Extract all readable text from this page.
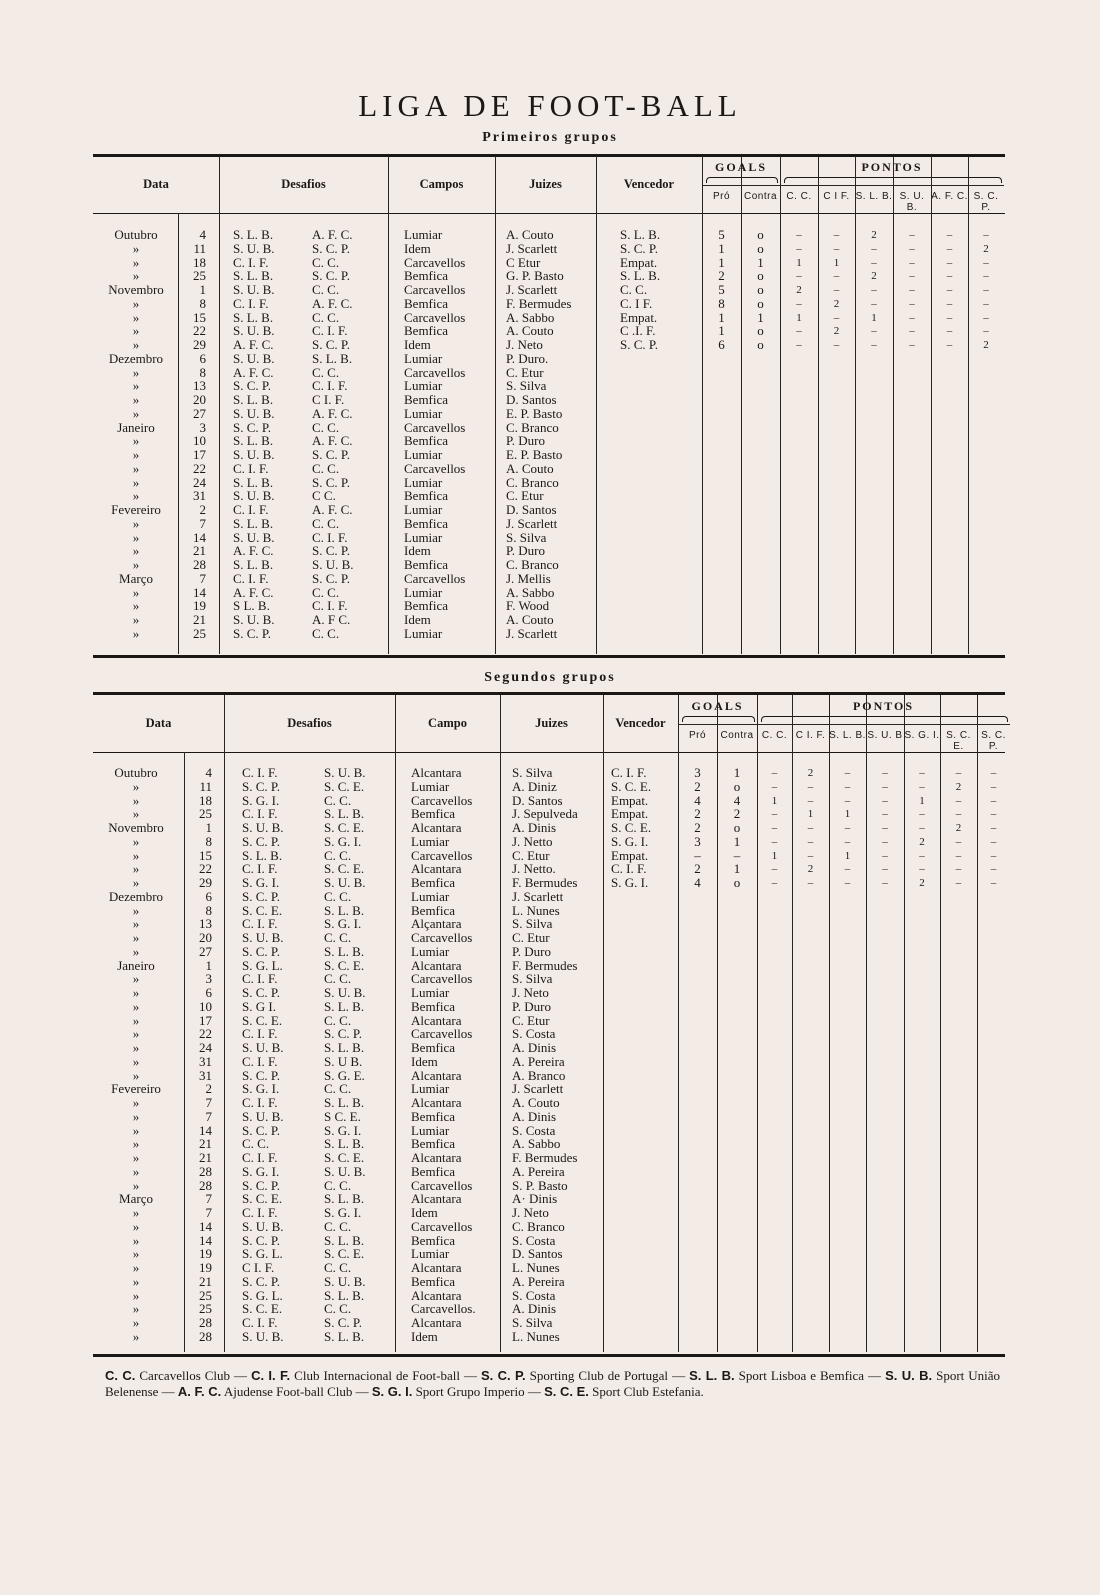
LIGA DE FOOT-BALL
Primeiros grupos
Data	Desafios	Campos	Juizes	Vencedor
GOALS
Pró	Contra
PONTOS
C. C.	C I F. S. L. B. S. U. B.
A. F. C. S. C. P.
Outubro	4 S. L. B.	A. F. C.	Lumiar	A. Couto	S. L. B.	5	o	–	–	2	–	–	–
»	11 S. U. B.	S. C. P.	Idem	J. Scarlett	S. C. P.	1	o	–	–	–	–	–	2
»	18 C. I. F.	C. C.	Carcavellos	C Etur	Empat.	1	1	1	1	–	–	–	–
»	25 S. L. B.	S. C. P.	Bemfica	G. P. Basto	S. L. B.	2	o	–	–	2	–	–	–
Novembro	1 S. U. B.	C. C.	Carcavellos	J. Scarlett	C. C.	5	o	2	–	–	–	–	–
»	8 C. I. F.	A. F. C.	Bemfica	F. Bermudes	C. I F.	8	o	–	2	–	–	–	–
»	15 S. L. B.	C. C.	Carcavellos	A. Sabbo	Empat.	1	1	1	–	1	–	–	–
»	22 S. U. B.	C. I. F.	Bemfica	A. Couto	C .I. F.	1	o	–	2	–	–	–	–
»	29 A. F. C.	S. C. P.	Idem	J. Neto	S. C. P.	6	o	–	–	–	–	–	2
Dezembro	6 S. U. B.	S. L. B.	Lumiar	P. Duro.
»	8 A. F. C.	C. C.	Carcavellos	C. Etur
»	13 S. C. P.	C. I. F.	Lumiar	S. Silva
»	20 S. L. B.	C I. F.	Bemfica	D. Santos
»	27 S. U. B.	A. F. C.	Lumiar	E. P. Basto
Janeiro	3 S. C. P.	C. C.	Carcavellos	C. Branco
»	10 S. L. B.	A. F. C.	Bemfica	P. Duro
»	17 S. U. B.	S. C. P.	Lumiar	E. P. Basto
»	22 C. I. F.	C. C.	Carcavellos	A. Couto
»	24 S. L. B.	S. C. P.	Lumiar	C. Branco
»	31 S. U. B.	C C.	Bemfica	C. Etur
Fevereiro	2 C. I. F.	A. F. C.	Lumiar	D. Santos
»	7 S. L. B.	C. C.	Bemfica	J. Scarlett
»	14 S. U. B.	C. I. F.	Lumiar	S. Silva
»	21 A. F. C.	S. C. P.	Idem	P. Duro
»	28 S. L. B.	S. U. B.	Bemfica	C. Branco
Março	7 C. I. F.	S. C. P.	Carcavellos	J. Mellis
»	14 A. F. C.	C. C.	Lumiar	A. Sabbo
»	19 S L. B.	C. I. F.	Bemfica	F. Wood
»	21 S. U. B.	A. F C.	Idem	A. Couto
»	25 S. C. P.	C. C.	Lumiar	J. Scarlett
Segundos grupos
Data	Desafios	Campo	Juizes	Vencedor
GOALS
Pró	Contra
PONTOS
C. C. C I. F. S. L. B. S. U. B S. G. I. S. C. E.
S. C. P.
Outubro	4 C. I. F.	S. U. B.	Alcantara	S. Silva	C. I. F.	3	1	–	2	–	–	–	–	–
»	11 S. C. P.	S. C. E.	Lumiar	A. Diniz	S. C. E.	2	o	–	–	–	–	–	2	–
»	18 S. G. I.	C. C.	Carcavellos	D. Santos	Empat.	4	4	1	–	–	–	1	–	–
»	25 C. I. F.	S. L. B.	Bemfica	J. Sepulveda	Empat.	2	2	–	1	1	–	–	–	–
Novembro	1 S. U. B.	S. C. E.	Alcantara	A. Dinis	S. C. E.	2	o	–	–	–	–	–	2	–
»	8 S. C. P.	S. G. I.	Lumiar	J. Netto	S. G. I.	3	1	–	–	–	–	2	–	–
»	15 S. L. B.	C. C.	Carcavellos	C. Etur	Empat.	–	–	1	–	1	–	–	–	–
»	22 C. I. F.	S. C. E.	Alcantara	J. Netto.	C. I. F.	2	1	–	2	–	–	–	–	–
»	29 S. G. I.	S. U. B.	Bemfica	F. Bermudes	S. G. I.	4	o	–	–	–	–	2	–	–
Dezembro	6 S. C. P.	C. C.	Lumiar	J. Scarlett
»	8 S. C. E.	S. L. B.	Bemfica	L. Nunes
»	13 C. I. F.	S. G. I.	Alçantara	S. Silva
»	20 S. U. B.	C. C.	Carcavellos	C. Etur
»	27 S. C. P.	S. L. B.	Lumiar	P. Duro
Janeiro	1 S. G. L.	S. C. E.	Alcantara	F. Bermudes
»	3 C. I. F.	C. C.	Carcavellos	S. Silva
»	6 S. C. P.	S. U. B.	Lumiar	J. Neto
»	10 S. G I.	S. L. B.	Bemfica	P. Duro
»	17 S. C. E.	C. C.	Alcantara	C. Etur
»	22 C. I. F.	S. C. P.	Carcavellos	S. Costa
»	24 S. U. B.	S. L. B.	Bemfica	A. Dinis
»	31 C. I. F.	S. U B.	Idem	A. Pereira
»	31 S. C. P.	S. G. E.	Alcantara	A. Branco
Fevereiro	2 S. G. I.	C. C.	Lumiar	J. Scarlett
»	7 C. I. F.	S. L. B.	Alcantara	A. Couto
»	7 S. U. B.	S C. E.	Bemfica	A. Dinis
»	14 S. C. P.	S. G. I.	Lumiar	S. Costa
»	21 C. C.	S. L. B.	Bemfica	A. Sabbo
»	21 C. I. F.	S. C. E.	Alcantara	F. Bermudes
»	28 S. G. I.	S. U. B.	Bemfica	A. Pereira
»	28 S. C. P.	C. C.	Carcavellos	S. P. Basto
Março	7 S. C. E.	S. L. B.	Alcantara	A· Dinis
»	7 C. I. F.	S. G. I.	Idem	J. Neto
»	14 S. U. B.	C. C.	Carcavellos	C. Branco
»	14 S. C. P.	S. L. B.	Bemfica	S. Costa
»	19 S. G. L.	S. C. E.	Lumiar	D. Santos
»	19 C I. F.	C. C.	Alcantara	L. Nunes
»	21 S. C. P.	S. U. B.	Bemfica	A. Pereira
»	25 S. G. L.	S. L. B.	Alcantara	S. Costa
»	25 S. C. E.	C. C.	Carcavellos.	A. Dinis
»	28 C. I. F.	S. C. P.	Alcantara	S. Silva
»	28 S. U. B.	S. L. B.	Idem	L. Nunes
C. C. Carcavellos Club — C. I. F. Club Internacional de Foot-ball — S. C. P. Sporting Club de Portugal — S. L. B. Sport Lisboa e Bemfica — S. U. B. Sport União Belenense — A. F. C. Ajudense Foot-ball Club — S. G. I. Sport Grupo Imperio — S. C. E. Sport Club Estefania.
